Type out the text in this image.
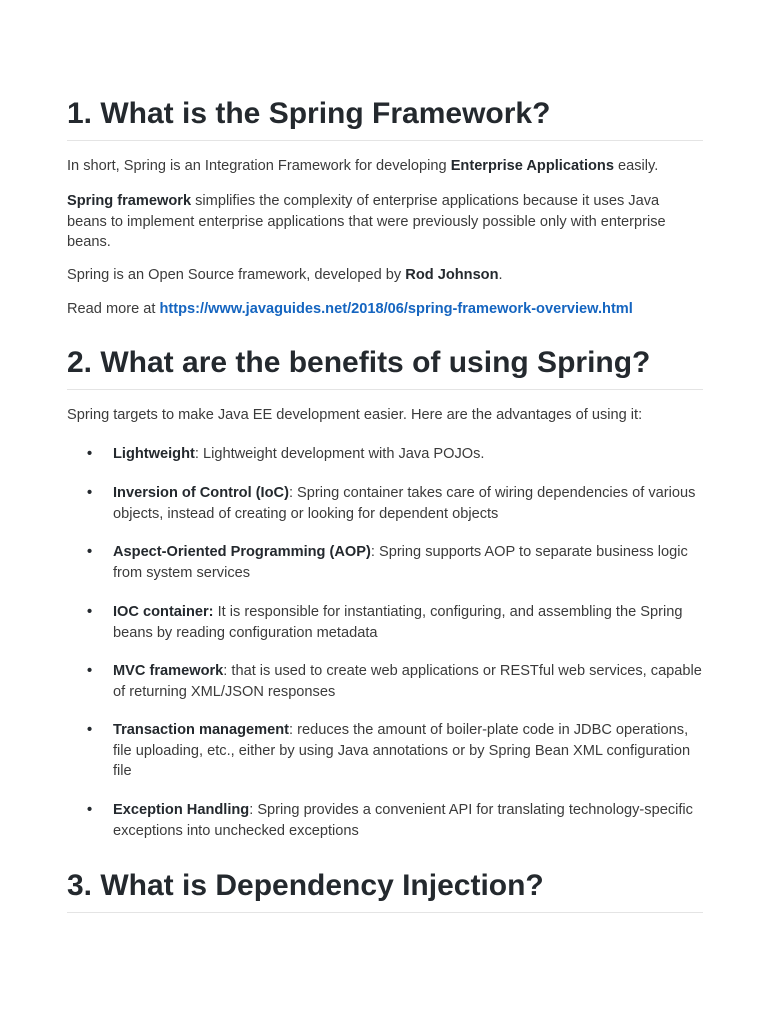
1. What is the Spring Framework?

In short, Spring is an Integration Framework for developing Enterprise Applications easily.

Spring framework simplifies the complexity of enterprise applications because it uses Java beans to implement enterprise applications that were previously possible only with enterprise beans.

Spring is an Open Source framework, developed by Rod Johnson.

Read more at https://www.javaguides.net/2018/06/spring-framework-overview.html

2. What are the benefits of using Spring?

Spring targets to make Java EE development easier. Here are the advantages of using it:

• Lightweight: Lightweight development with Java POJOs.
• Inversion of Control (IoC): Spring container takes care of wiring dependencies of various objects, instead of creating or looking for dependent objects
• Aspect-Oriented Programming (AOP): Spring supports AOP to separate business logic from system services
• IOC container: It is responsible for instantiating, configuring, and assembling the Spring beans by reading configuration metadata
• MVC framework: that is used to create web applications or RESTful web services, capable of returning XML/JSON responses
• Transaction management: reduces the amount of boiler-plate code in JDBC operations, file uploading, etc., either by using Java annotations or by Spring Bean XML configuration file
• Exception Handling: Spring provides a convenient API for translating technology-specific exceptions into unchecked exceptions
3. What is Dependency Injection?
